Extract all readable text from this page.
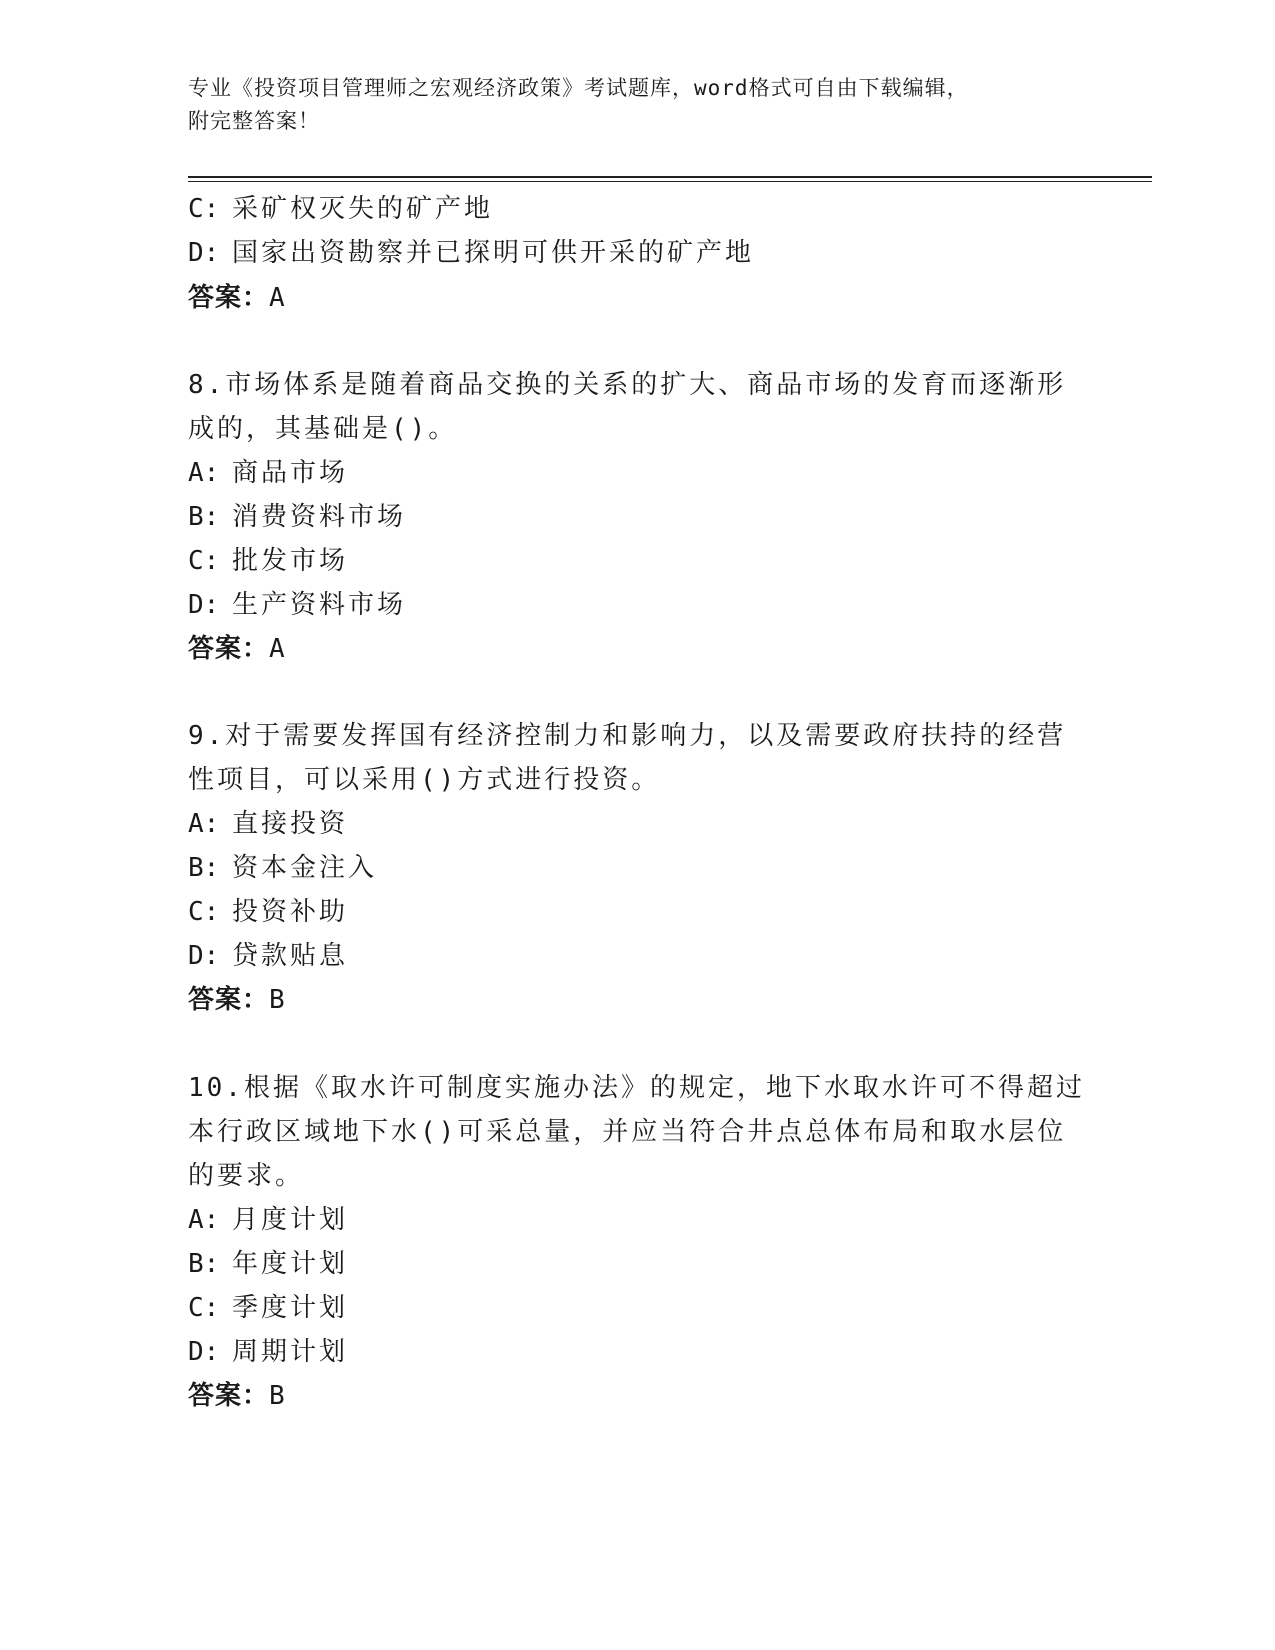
专业《投资项目管理师之宏观经济政策》考试题库，word格式可自由下载编辑，
附完整答案！
C: 采矿权灭失的矿产地
D: 国家出资勘察并已探明可供开采的矿产地
答案：A
8.市场体系是随着商品交换的关系的扩大、商品市场的发育而逐渐形
成的，其基础是()。
A: 商品市场
B: 消费资料市场
C: 批发市场
D: 生产资料市场
答案：A
9.对于需要发挥国有经济控制力和影响力，以及需要政府扶持的经营
性项目，可以采用()方式进行投资。
A: 直接投资
B: 资本金注入
C: 投资补助
D: 贷款贴息
答案：B
10.根据《取水许可制度实施办法》的规定，地下水取水许可不得超过
本行政区域地下水()可采总量，并应当符合井点总体布局和取水层位
的要求。
A: 月度计划
B: 年度计划
C: 季度计划
D: 周期计划
答案：B
